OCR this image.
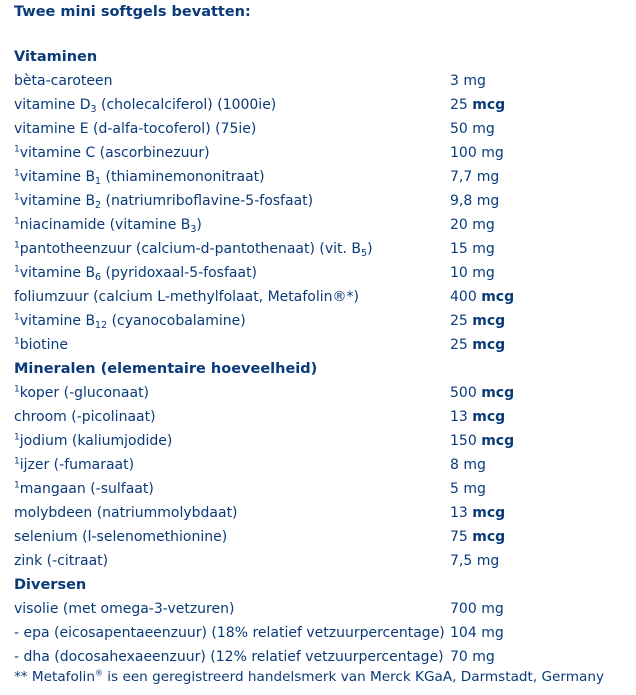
Twee mini softgels bevatten:
Vitaminen
bèta-caroteen	3 mg
vitamine $D_3$ (cholecalciferol) (1000ie)	25 mcg
vitamine E (d-alfa-tocoferol) (75ie)	50 mg
$^1$vitamine C (ascorbinezuur)	100 mg
$^1$vitamine $B_1$ (thiaminemononitraat)	7,7 mg
$^1$vitamine $B_2$ (natriumriboflavine-5-fosfaat)	9,8 mg
$^1$niacinamide (vitamine $B_3$)	20 mg
$^1$pantotheenzuur (calcium-d-pantothenaat) (vit. $B_5$)	15 mg
$^1$vitamine $B_6$ (pyridoxaal-5-fosfaat)	10 mg
foliumzuur (calcium L-methylfolaat, Metafolin®*)	400 mcg
$^1$vitamine $B_{12}$ (cyanocobalamine)	25 mcg
$^1$biotine	25 mcg
Mineralen (elementaire hoeveelheid)
$^1$koper (-gluconaat)	500 mcg
chroom (-picolinaat)	13 mcg
$^1$jodium (kaliumjodide)	150 mcg
$^1$ijzer (-fumaraat)	8 mg
$^1$mangaan (-sulfaat)	5 mg
molybdeen (natriummolybdaat)	13 mcg
selenium (l-selenomethionine)	75 mcg
zink (-citraat)	7,5 mg
Diversen
visolie (met omega-3-vetzuren)	700 mg
- epa (eicosapentaeenzuur) (18% relatief vetzuurpercentage) 104 mg
- dha (docosahexaeenzuur) (12% relatief vetzuurpercentage) 70 mg
** Metafolin® is een geregistreerd handelsmerk van Merck KGaA, Darmstadt, Germany
